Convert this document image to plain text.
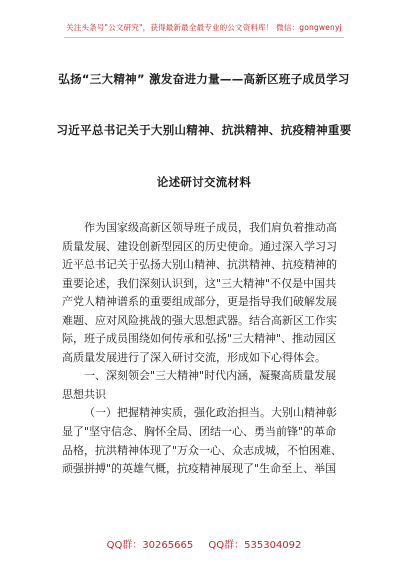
关注头条号"公文研究"，获得最新最全最专业的公文资料库！ 微信：gongwenyj
弘扬“三大精神” 激发奋进力量——高新区班子成员学习
习近平总书记关于大别山精神、抗洪精神、抗疫精神重要
论述研讨交流材料
作为国家级高新区领导班子成员，我们肩负着推动高
质量发展、建设创新型园区的历史使命。通过深入学习习
近平总书记关于弘扬大别山精神、抗洪精神、抗疫精神的
重要论述，我们深刻认识到，这"三大精神"不仅是中国共
产党人精神谱系的重要组成部分，更是指导我们破解发展
难题、应对风险挑战的强大思想武器。结合高新区工作实
际，班子成员围绕如何传承和弘扬"三大精神"、推动园区
高质量发展进行了深入研讨交流，形成如下心得体会。
一、深刻领会"三大精神"时代内涵，凝聚高质量发展
思想共识
（一）把握精神实质，强化政治担当。大别山精神彰
显了"坚守信念、胸怀全局、团结一心、勇当前锋"的革命
品格，抗洪精神体现了"万众一心、众志成城，不怕困难、
顽强拼搏"的英雄气概，抗疫精神展现了"生命至上、举国
QQ群：30265665 QQ群：535304092
